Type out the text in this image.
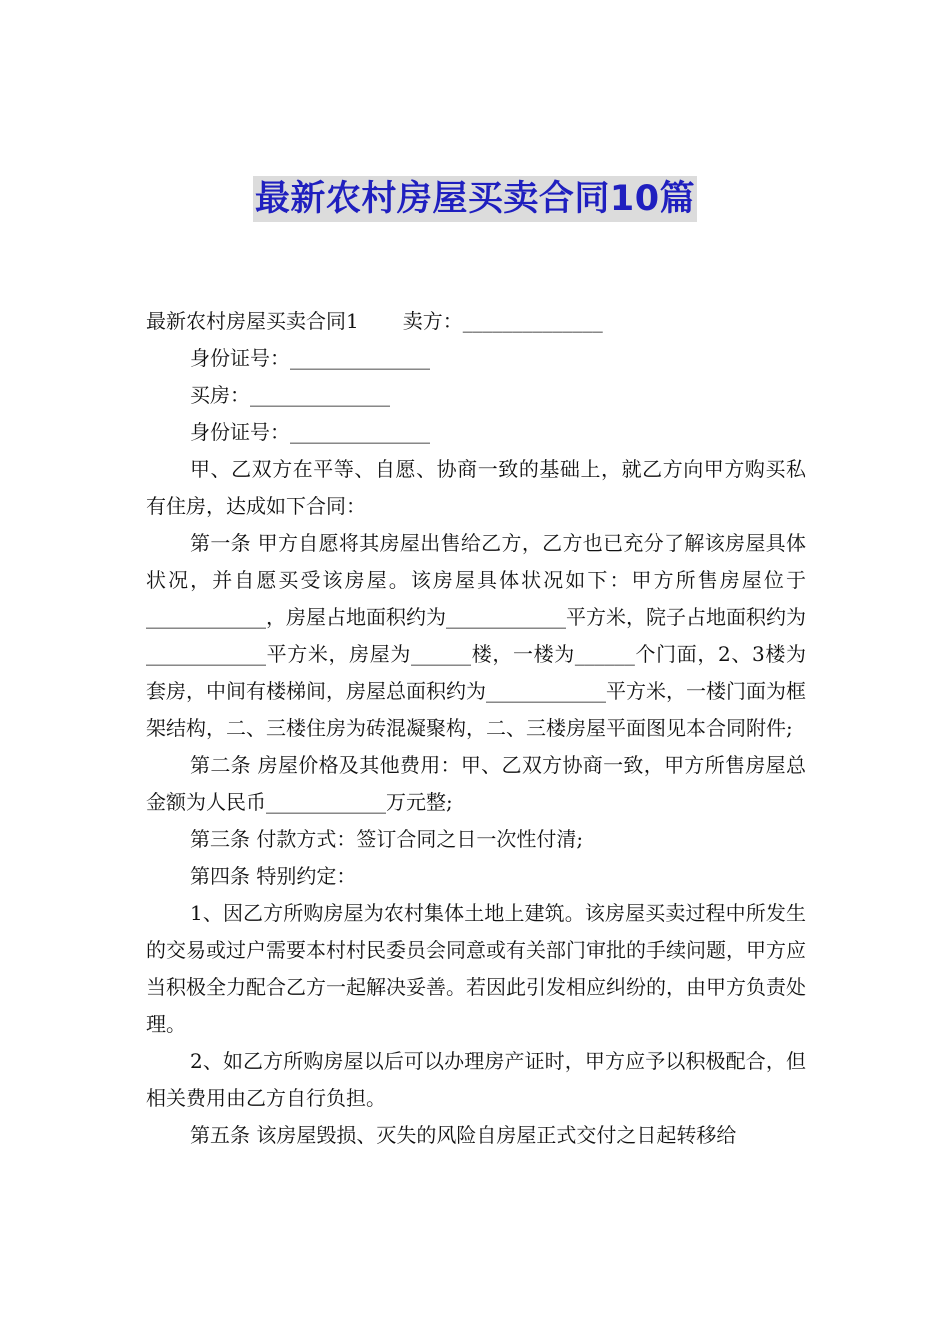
最新农村房屋买卖合同10篇

最新农村房屋买卖合同1 卖方：______________

身份证号：______________

买房：______________

身份证号：______________

甲、乙双方在平等、自愿、协商一致的基础上，就乙方向甲方购买私有住房，达成如下合同：

第一条 甲方自愿将其房屋出售给乙方，乙方也已充分了解该房屋具体状况，并自愿买受该房屋。该房屋具体状况如下：甲方所售房屋位于____________，房屋占地面积约为____________平方米，院子占地面积约为____________平方米，房屋为______楼，一楼为______个门面，2、3楼为套房，中间有楼梯间，房屋总面积约为____________平方米，一楼门面为框架结构，二、三楼住房为砖混凝聚构，二、三楼房屋平面图见本合同附件;

第二条 房屋价格及其他费用：甲、乙双方协商一致，甲方所售房屋总金额为人民币____________万元整;

第三条 付款方式：签订合同之日一次性付清;

第四条 特别约定：

1、因乙方所购房屋为农村集体土地上建筑。该房屋买卖过程中所发生的交易或过户需要本村村民委员会同意或有关部门审批的手续问题，甲方应当积极全力配合乙方一起解决妥善。若因此引发相应纠纷的，由甲方负责处理。

2、如乙方所购房屋以后可以办理房产证时，甲方应予以积极配合，但相关费用由乙方自行负担。

第五条 该房屋毁损、灭失的风险自房屋正式交付之日起转移给
